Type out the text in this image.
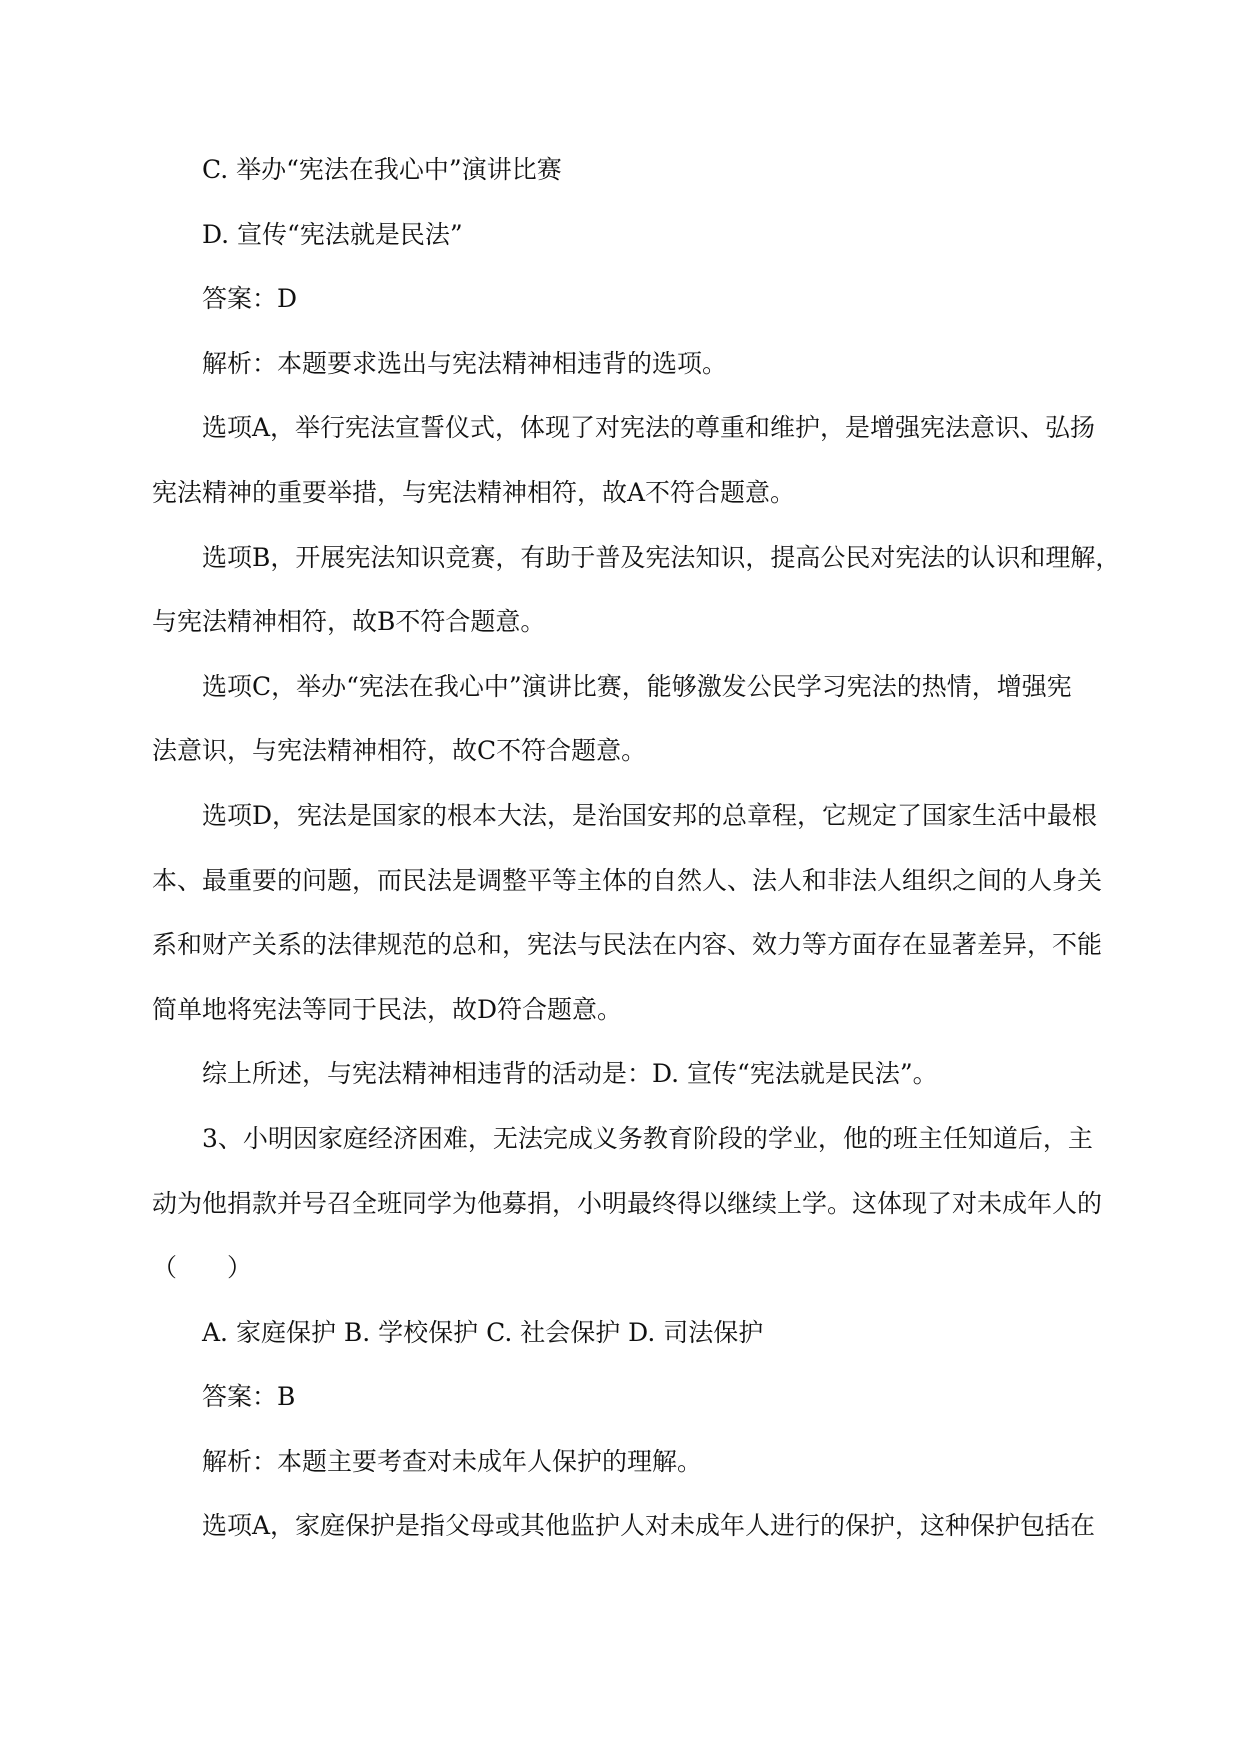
C. 举办“宪法在我心中”演讲比赛
D. 宣传“宪法就是民法”
答案：D
解析：本题要求选出与宪法精神相违背的选项。
选项A，举行宪法宣誓仪式，体现了对宪法的尊重和维护，是增强宪法意识、弘扬
宪法精神的重要举措，与宪法精神相符，故A不符合题意。
选项B，开展宪法知识竞赛，有助于普及宪法知识，提高公民对宪法的认识和理解，
与宪法精神相符，故B不符合题意。
选项C，举办“宪法在我心中”演讲比赛，能够激发公民学习宪法的热情，增强宪
法意识，与宪法精神相符，故C不符合题意。
选项D，宪法是国家的根本大法，是治国安邦的总章程，它规定了国家生活中最根
本、最重要的问题，而民法是调整平等主体的自然人、法人和非法人组织之间的人身关
系和财产关系的法律规范的总和，宪法与民法在内容、效力等方面存在显著差异，不能
简单地将宪法等同于民法，故D符合题意。
综上所述，与宪法精神相违背的活动是：D. 宣传“宪法就是民法”。
3、小明因家庭经济困难，无法完成义务教育阶段的学业，他的班主任知道后，主
动为他捐款并号召全班同学为他募捐，小明最终得以继续上学。这体现了对未成年人的
（　　）
A. 家庭保护 B. 学校保护 C. 社会保护 D. 司法保护
答案：B
解析：本题主要考查对未成年人保护的理解。
选项A，家庭保护是指父母或其他监护人对未成年人进行的保护，这种保护包括在
